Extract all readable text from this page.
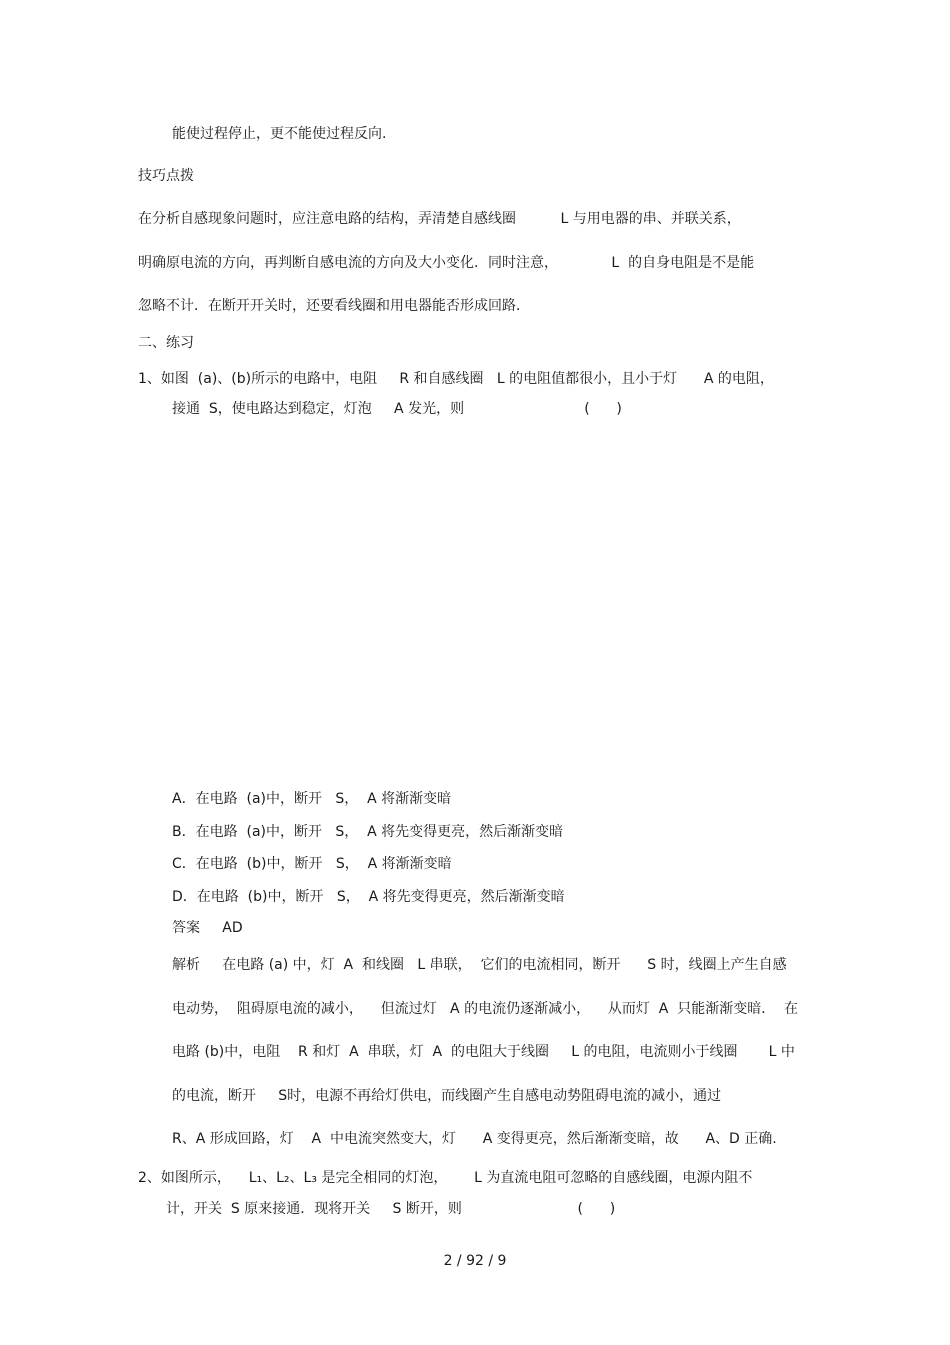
能使过程停止，更不能使过程反向.
技巧点拨
在分析自感现象问题时，应注意电路的结构，弄清楚自感线圈          L 与用电器的串、并联关系，
明确原电流的方向，再判断自感电流的方向及大小变化．同时注意，            L  的自身电阻是不是能
忽略不计．在断开开关时，还要看线圈和用电器能否形成回路．
二、练习
1、如图  (a)、(b)所示的电路中，电阻     R 和自感线圈   L 的电阻值都很小，且小于灯      A 的电阻，
接通  S，使电路达到稳定，灯泡     A 发光，则                           (      )
A．在电路  (a)中，断开   S，  A 将渐渐变暗
B．在电路  (a)中，断开   S，  A 将先变得更亮，然后渐渐变暗
C．在电路  (b)中，断开   S，  A 将渐渐变暗
D．在电路  (b)中，断开   S，  A 将先变得更亮，然后渐渐变暗
答案     AD
解析     在电路 (a) 中，灯  A  和线圈   L 串联，  它们的电流相同，断开      S 时，线圈上产生自感
电动势，  阻碍原电流的减小，    但流过灯   A 的电流仍逐渐减小，    从而灯  A  只能渐渐变暗．  在
电路 (b)中，电阻    R 和灯  A  串联，灯  A  的电阻大于线圈     L 的电阻，电流则小于线圈       L 中
的电流，断开     S时，电源不再给灯供电，而线圈产生自感电动势阻碍电流的减小，通过
R、A 形成回路，灯    A  中电流突然变大，灯      A 变得更亮，然后渐渐变暗，故      A、D 正确.
2、如图所示，    L₁、L₂、L₃ 是完全相同的灯泡，      L 为直流电阻可忽略的自感线圈，电源内阻不
计，开关  S 原来接通．现将开关     S 断开，则                          (      )
2 / 92 / 9
